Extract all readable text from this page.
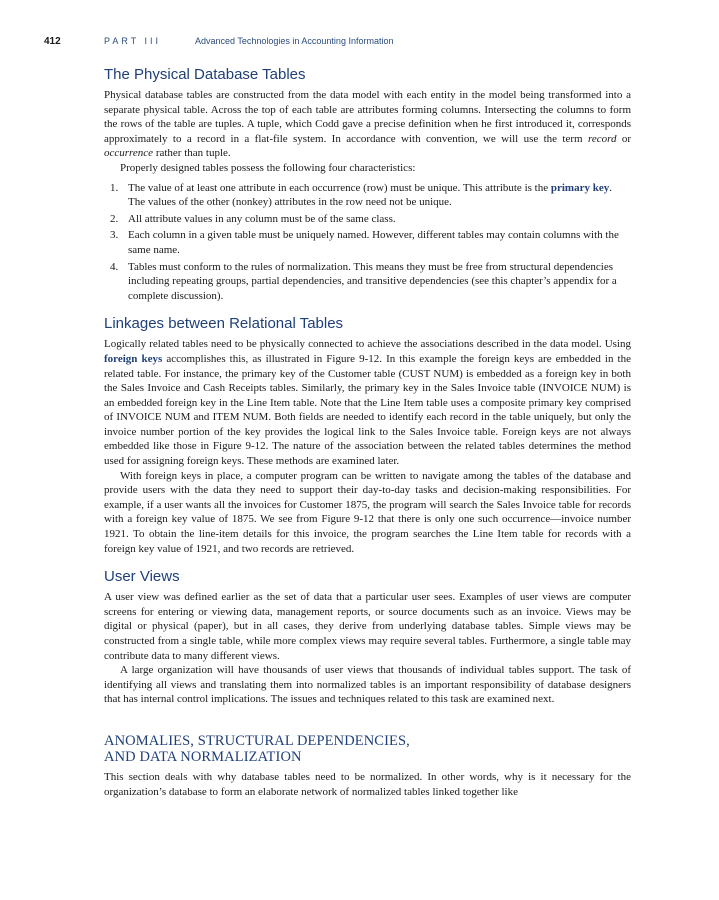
412	PART III	Advanced Technologies in Accounting Information
The Physical Database Tables

Physical database tables are constructed from the data model with each entity in the model being transformed into a separate physical table. Across the top of each table are attributes forming columns. Intersecting the columns to form the rows of the table are tuples. A tuple, which Codd gave a precise definition when he first introduced it, corresponds approximately to a record in a flat-file system. In accordance with convention, we will use the term record or occurrence rather than tuple.

Properly designed tables possess the following four characteristics:

1. The value of at least one attribute in each occurrence (row) must be unique. This attribute is the primary key. The values of the other (nonkey) attributes in the row need not be unique.
2. All attribute values in any column must be of the same class.
3. Each column in a given table must be uniquely named. However, different tables may contain columns with the same name.
4. Tables must conform to the rules of normalization. This means they must be free from structural dependencies including repeating groups, partial dependencies, and transitive dependencies (see this chapter’s appendix for a complete discussion).
Linkages between Relational Tables

Logically related tables need to be physically connected to achieve the associations described in the data model. Using foreign keys accomplishes this, as illustrated in Figure 9-12. In this example the foreign keys are embedded in the related table. For instance, the primary key of the Customer table (CUST NUM) is embedded as a foreign key in both the Sales Invoice and Cash Receipts tables. Similarly, the primary key in the Sales Invoice table (INVOICE NUM) is an embedded foreign key in the Line Item table. Note that the Line Item table uses a composite primary key comprised of INVOICE NUM and ITEM NUM. Both fields are needed to identify each record in the table uniquely, but only the invoice number portion of the key provides the logical link to the Sales Invoice table. Foreign keys are not always embedded like those in Figure 9-12. The nature of the association between the related tables determines the method used for assigning foreign keys. These methods are examined later.

With foreign keys in place, a computer program can be written to navigate among the tables of the database and provide users with the data they need to support their day-to-day tasks and decision-making responsibilities. For example, if a user wants all the invoices for Customer 1875, the program will search the Sales Invoice table for records with a foreign key value of 1875. We see from Figure 9-12 that there is only one such occurrence—invoice number 1921. To obtain the line-item details for this invoice, the program searches the Line Item table for records with a foreign key value of 1921, and two records are retrieved.

User Views

A user view was defined earlier as the set of data that a particular user sees. Examples of user views are computer screens for entering or viewing data, management reports, or source documents such as an invoice. Views may be digital or physical (paper), but in all cases, they derive from underlying database tables. Simple views may be constructed from a single table, while more complex views may require several tables. Furthermore, a single table may contribute data to many different views.

A large organization will have thousands of user views that thousands of individual tables support. The task of identifying all views and translating them into normalized tables is an important responsibility of database designers that has internal control implications. The issues and techniques related to this task are examined next.

ANOMALIES, STRUCTURAL DEPENDENCIES,
AND DATA NORMALIZATION

This section deals with why database tables need to be normalized. In other words, why is it necessary for the organization’s database to form an elaborate network of normalized tables linked together like
